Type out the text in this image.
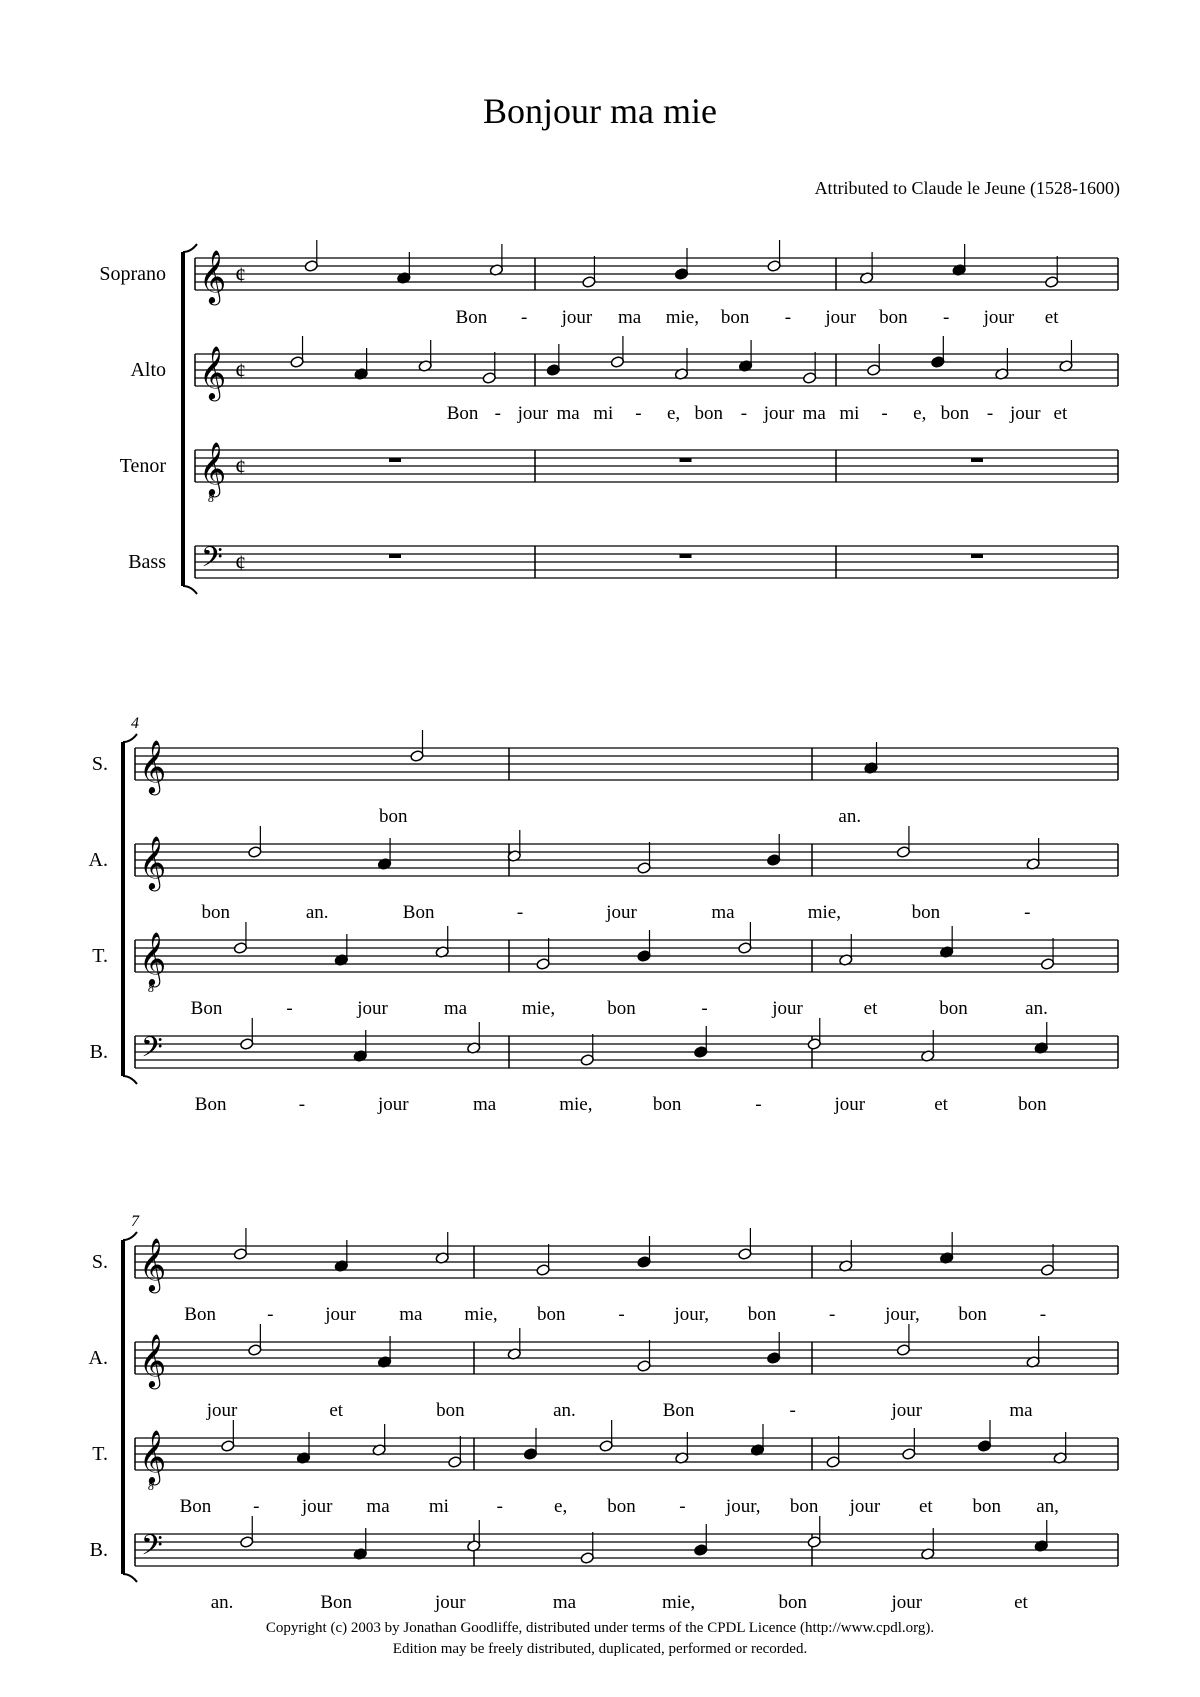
Bonjour ma mie
Attributed to Claude le Jeune (1528-1600)
Soprano 𝄞 ¢
Bon - jour ma mie, bon - jour bon - jour et
Alto 𝄞 ¢
Bon - jour ma mi - e, bon - jour ma mi - e, bon - jour et
Tenor 𝄞
8
¢
Bass 𝄢 ¢
4
S. 𝄞
bon	an.
A. 𝄞
bon	an.	Bon	-	jour	ma	mie,	bon	-
T. 𝄞
8
Bon	-	jour	ma	mie,	bon	-	jour	et	bon	an.
B. 𝄢
Bon	-	jour	ma	mie,	bon	-	jour	et	bon
7
S. 𝄞
Bon	-	jour ma mie, bon	-	jour, bon	-	jour, bon	-
A. 𝄞
jour	et	bon	an.	Bon	-	jour	ma
T. 𝄞
8
Bon - jour ma mi	-	e, bon - jour, bon jour et bon an,
B. 𝄢
an.	Bon	jour	ma	mie,	bon	jour	et
Copyright (c) 2003 by Jonathan Goodliffe, distributed under terms of the CPDL Licence (http://www.cpdl.org).
Edition may be freely distributed, duplicated, performed or recorded.
